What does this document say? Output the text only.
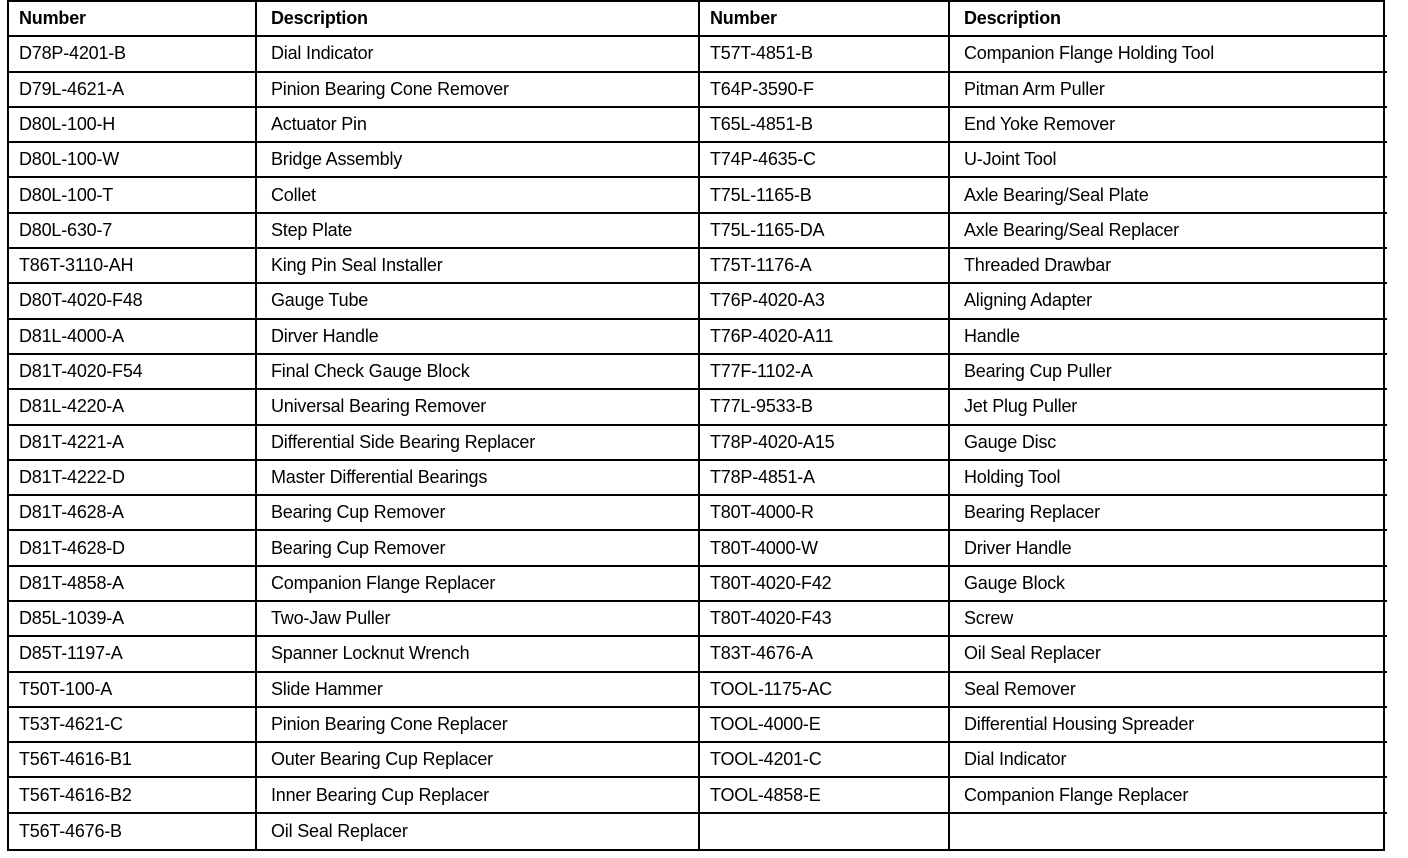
Number	Description	Number	Description
D78P-4201-B	Dial Indicator	T57T-4851-B	Companion Flange Holding Tool
D79L-4621-A	Pinion Bearing Cone Remover	T64P-3590-F	Pitman Arm Puller
D80L-100-H	Actuator Pin	T65L-4851-B	End Yoke Remover
D80L-100-W	Bridge Assembly	T74P-4635-C	U-Joint Tool
D80L-100-T	Collet	T75L-1165-B	Axle Bearing/Seal Plate
D80L-630-7	Step Plate	T75L-1165-DA	Axle Bearing/Seal Replacer
T86T-3110-AH	King Pin Seal Installer	T75T-1176-A	Threaded Drawbar
D80T-4020-F48	Gauge Tube	T76P-4020-A3	Aligning Adapter
D81L-4000-A	Dirver Handle	T76P-4020-A11	Handle
D81T-4020-F54	Final Check Gauge Block	T77F-1102-A	Bearing Cup Puller
D81L-4220-A	Universal Bearing Remover	T77L-9533-B	Jet Plug Puller
D81T-4221-A	Differential Side Bearing Replacer	T78P-4020-A15	Gauge Disc
D81T-4222-D	Master Differential Bearings	T78P-4851-A	Holding Tool
D81T-4628-A	Bearing Cup Remover	T80T-4000-R	Bearing Replacer
D81T-4628-D	Bearing Cup Remover	T80T-4000-W	Driver Handle
D81T-4858-A	Companion Flange Replacer	T80T-4020-F42	Gauge Block
D85L-1039-A	Two-Jaw Puller	T80T-4020-F43	Screw
D85T-1197-A	Spanner Locknut Wrench	T83T-4676-A	Oil Seal Replacer
T50T-100-A	Slide Hammer	TOOL-1175-AC	Seal Remover
T53T-4621-C	Pinion Bearing Cone Replacer	TOOL-4000-E	Differential Housing Spreader
T56T-4616-B1	Outer Bearing Cup Replacer	TOOL-4201-C	Dial Indicator
T56T-4616-B2	Inner Bearing Cup Replacer	TOOL-4858-E	Companion Flange Replacer
T56T-4676-B	Oil Seal Replacer
